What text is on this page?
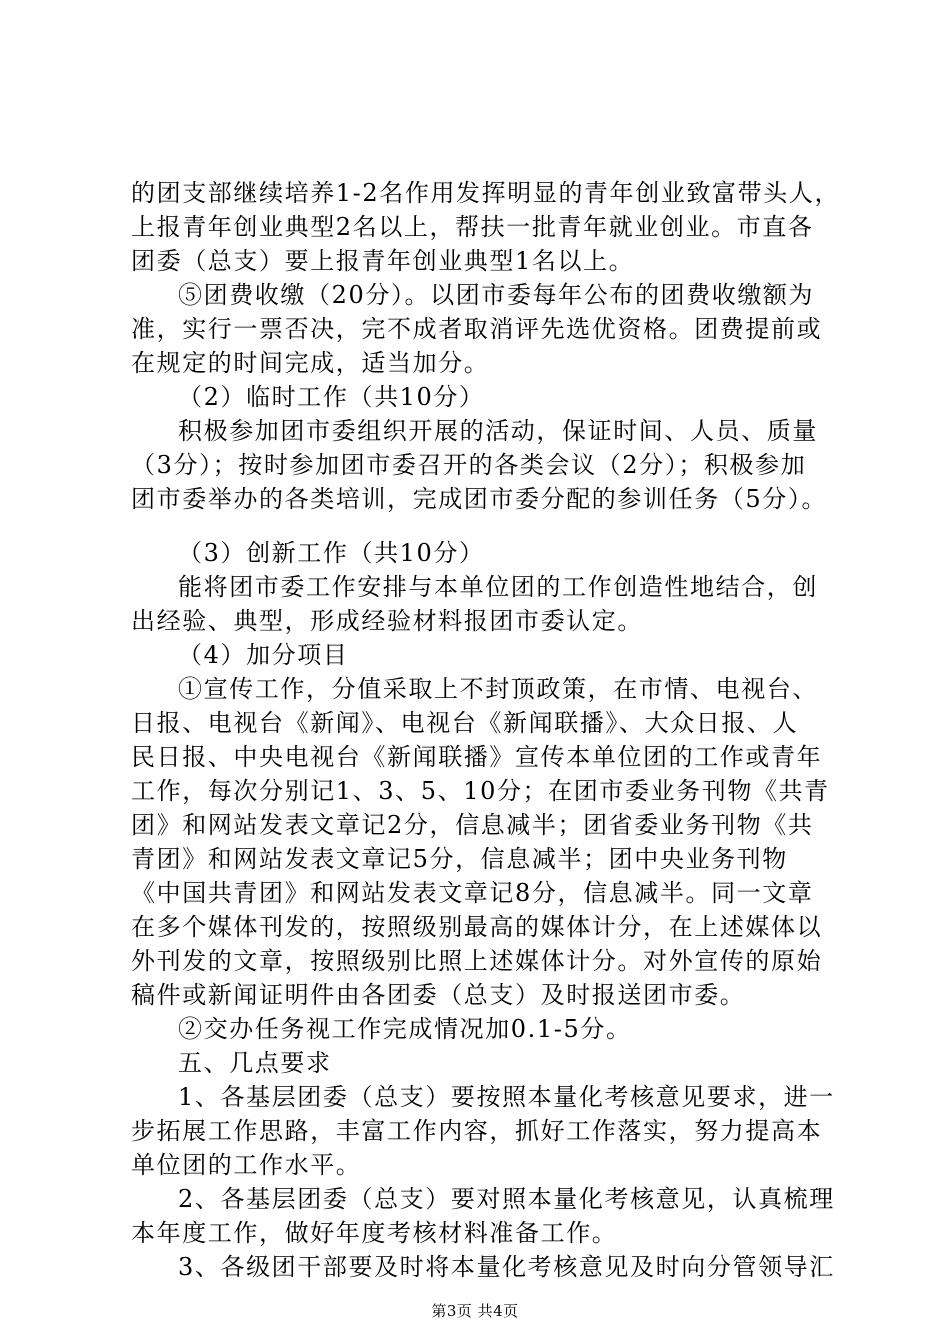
的团支部继续培养1-2名作用发挥明显的青年创业致富带头人，
上报青年创业典型2名以上，帮扶一批青年就业创业。市直各
团委（总支）要上报青年创业典型1名以上。
⑤团费收缴（20分）。以团市委每年公布的团费收缴额为
准，实行一票否决，完不成者取消评先选优资格。团费提前或
在规定的时间完成，适当加分。
（2）临时工作（共10分）
积极参加团市委组织开展的活动，保证时间、人员、质量
（3分）；按时参加团市委召开的各类会议（2分）；积极参加
团市委举办的各类培训，完成团市委分配的参训任务（5分）。
（3）创新工作（共10分）
能将团市委工作安排与本单位团的工作创造性地结合，创
出经验、典型，形成经验材料报团市委认定。
（4）加分项目
①宣传工作，分值采取上不封顶政策，在市情、电视台、
日报、电视台《新闻》、电视台《新闻联播》、大众日报、人
民日报、中央电视台《新闻联播》宣传本单位团的工作或青年
工作，每次分别记1、3、5、10分；在团市委业务刊物《共青
团》和网站发表文章记2分，信息减半；团省委业务刊物《共
青团》和网站发表文章记5分，信息减半；团中央业务刊物
《中国共青团》和网站发表文章记8分，信息减半。同一文章
在多个媒体刊发的，按照级别最高的媒体计分，在上述媒体以
外刊发的文章，按照级别比照上述媒体计分。对外宣传的原始
稿件或新闻证明件由各团委（总支）及时报送团市委。
②交办任务视工作完成情况加0.1-5分。
五、几点要求
1、各基层团委（总支）要按照本量化考核意见要求，进一
步拓展工作思路，丰富工作内容，抓好工作落实，努力提高本
单位团的工作水平。
2、各基层团委（总支）要对照本量化考核意见，认真梳理
本年度工作，做好年度考核材料准备工作。
3、各级团干部要及时将本量化考核意见及时向分管领导汇
第3页 共4页
